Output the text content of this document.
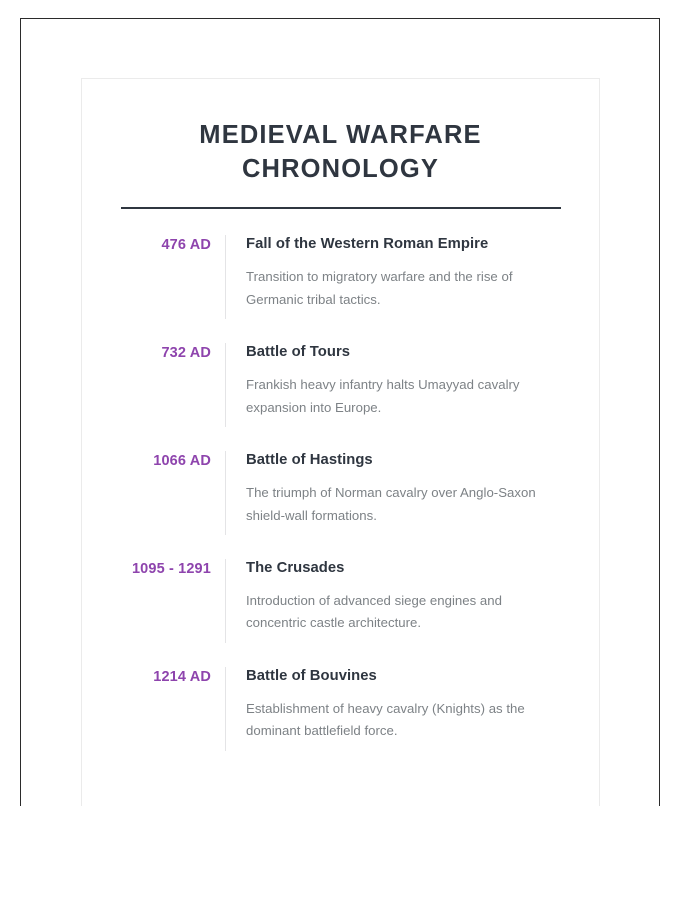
MEDIEVAL WARFARE
CHRONOLOGY
476 AD	Fall of the Western Roman Empire
Transition to migratory warfare and the rise of Germanic tribal tactics.
732 AD	Battle of Tours
Frankish heavy infantry halts Umayyad cavalry expansion into Europe.
1066 AD	Battle of Hastings
The triumph of Norman cavalry over Anglo-Saxon shield-wall formations.
1095 - 1291	The Crusades
Introduction of advanced siege engines and concentric castle architecture.
1214 AD	Battle of Bouvines
Establishment of heavy cavalry (Knights) as the dominant battlefield force.
